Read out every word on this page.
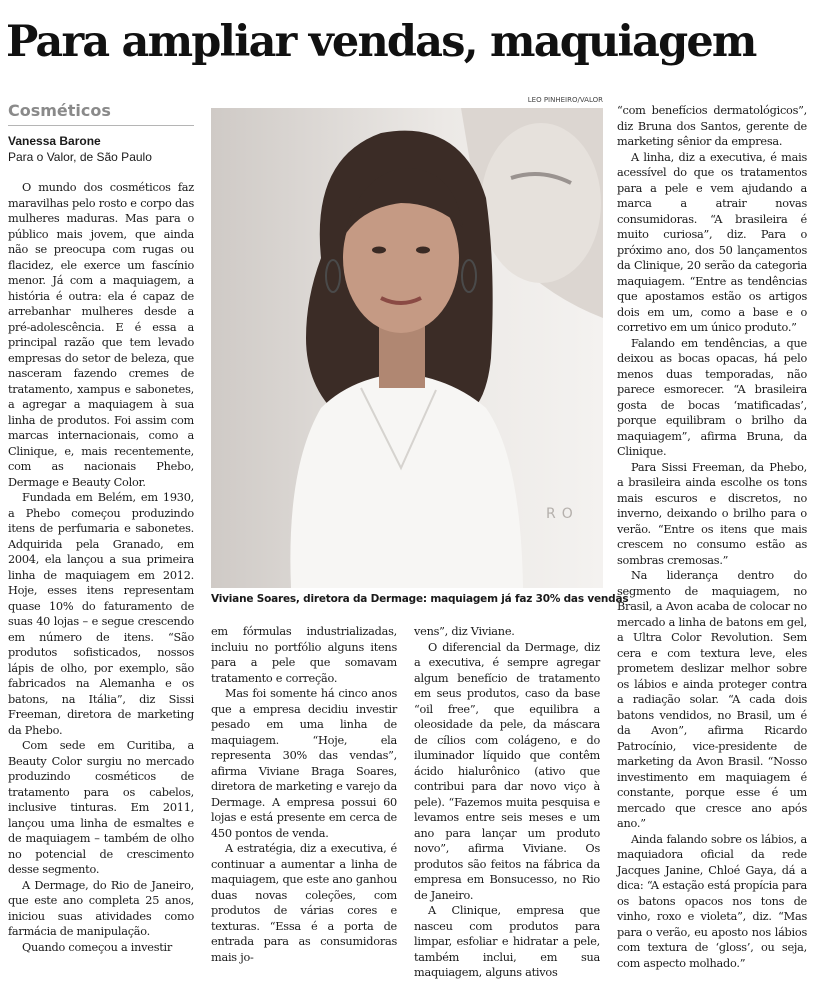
Para ampliar vendas, maquiagem
Cosméticos
Vanessa Barone
Para o Valor, de São Paulo

O mundo dos cosméticos faz maravilhas pelo rosto e corpo das mulheres maduras. Mas para o público mais jovem, que ainda não se preocupa com rugas ou flacidez, ele exerce um fascínio menor. Já com a maquiagem, a história é outra: ela é capaz de arrebanhar mulheres desde a pré-adolescência. E é essa a principal razão que tem levado empresas do setor de beleza, que nasceram fazendo cremes de tratamento, xampus e sabonetes, a agregar a maquiagem à sua linha de produtos. Foi assim com marcas internacionais, como a Clinique, e, mais recentemente, com as nacionais Phebo, Dermage e Beauty Color.

Fundada em Belém, em 1930, a Phebo começou produzindo itens de perfumaria e sabonetes. Adquirida pela Granado, em 2004, ela lançou a sua primeira linha de maquiagem em 2012. Hoje, esses itens representam quase 10% do faturamento de suas 40 lojas – e segue crescendo em número de itens. “São produtos sofisticados, nossos lápis de olho, por exemplo, são fabricados na Alemanha e os batons, na Itália”, diz Sissi Freeman, diretora de marketing da Phebo.

Com sede em Curitiba, a Beauty Color surgiu no mercado produzindo cosméticos de tratamento para os cabelos, inclusive tinturas. Em 2011, lançou uma linha de esmaltes e de maquiagem – também de olho no potencial de crescimento desse segmento.

A Dermage, do Rio de Janeiro, que este ano completa 25 anos, iniciou suas atividades como farmácia de manipulação.

Quando começou a investir

LEO PINHEIRO/VALOR
RO
Viviane Soares, diretora da Dermage: maquiagem já faz 30% das vendas

em fórmulas industrializadas, incluiu no portfólio alguns itens para a pele que somavam tratamento e correção.

Mas foi somente há cinco anos que a empresa decidiu investir pesado em uma linha de maquiagem. “Hoje, ela representa 30% das vendas”, afirma Viviane Braga Soares, diretora de marketing e varejo da Dermage. A empresa possui 60 lojas e está presente em cerca de 450 pontos de venda.

A estratégia, diz a executiva, é continuar a aumentar a linha de maquiagem, que este ano ganhou duas novas coleções, com produtos de várias cores e texturas. “Essa é a porta de entrada para as consumidoras mais jo-

vens”, diz Viviane.

O diferencial da Dermage, diz a executiva, é sempre agregar algum benefício de tratamento em seus produtos, caso da base “oil free”, que equilibra a oleosidade da pele, da máscara de cílios com colágeno, e do iluminador líquido que contêm ácido hialurônico (ativo que contribui para dar novo viço à pele). “Fazemos muita pesquisa e levamos entre seis meses e um ano para lançar um produto novo”, afirma Viviane. Os produtos são feitos na fábrica da empresa em Bonsucesso, no Rio de Janeiro.

A Clinique, empresa que nasceu com produtos para limpar, esfoliar e hidratar a pele, também inclui, em sua maquiagem, alguns ativos

“com benefícios dermatológicos”, diz Bruna dos Santos, gerente de marketing sênior da empresa.

A linha, diz a executiva, é mais acessível do que os tratamentos para a pele e vem ajudando a marca a atrair novas consumidoras. “A brasileira é muito curiosa”, diz. Para o próximo ano, dos 50 lançamentos da Clinique, 20 serão da categoria maquiagem. “Entre as tendências que apostamos estão os artigos dois em um, como a base e o corretivo em um único produto.”

Falando em tendências, a que deixou as bocas opacas, há pelo menos duas temporadas, não parece esmorecer. “A brasileira gosta de bocas ‘matificadas’, porque equilibram o brilho da maquiagem”, afirma Bruna, da Clinique.

Para Sissi Freeman, da Phebo, a brasileira ainda escolhe os tons mais escuros e discretos, no inverno, deixando o brilho para o verão. “Entre os itens que mais crescem no consumo estão as sombras cremosas.”

Na liderança dentro do segmento de maquiagem, no Brasil, a Avon acaba de colocar no mercado a linha de batons em gel, a Ultra Color Revolution. Sem cera e com textura leve, eles prometem deslizar melhor sobre os lábios e ainda proteger contra a radiação solar. “A cada dois batons vendidos, no Brasil, um é da Avon”, afirma Ricardo Patrocínio, vice-presidente de marketing da Avon Brasil. “Nosso investimento em maquiagem é constante, porque esse é um mercado que cresce ano após ano.”

Ainda falando sobre os lábios, a maquiadora oficial da rede Jacques Janine, Chloé Gaya, dá a dica: “A estação está propícia para os batons opacos nos tons de vinho, roxo e violeta”, diz. “Mas para o verão, eu aposto nos lábios com textura de ‘gloss’, ou seja, com aspecto molhado.”
